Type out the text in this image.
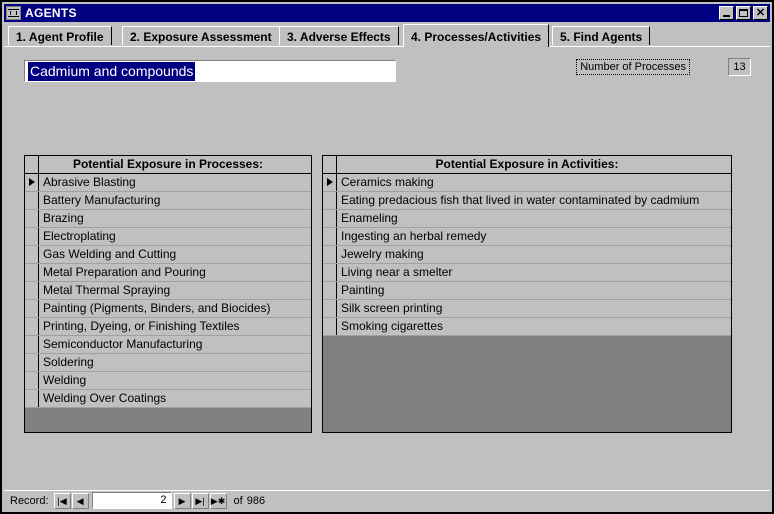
AGENTS	✕
1. Agent Profile	2. Exposure Assessment	3. Adverse Effects	4. Processes/Activities	5. Find Agents
Cadmium and compounds	Number of Processes	13
Potential Exposure in Processes:
Abrasive Blasting
Battery Manufacturing
Brazing
Electroplating
Gas Welding and Cutting
Metal Preparation and Pouring
Metal Thermal Spraying
Painting (Pigments, Binders, and Biocides)
Printing, Dyeing, or Finishing Textiles
Semiconductor Manufacturing
Soldering
Welding
Welding Over Coatings
Potential Exposure in Activities:
Ceramics making
Eating predacious fish that lived in water contaminated by cadmium
Enameling
Ingesting an herbal remedy
Jewelry making
Living near a smelter
Painting
Silk screen printing
Smoking cigarettes
Record: |◀	◀	2	▶	▶| ▶✱ of 986
